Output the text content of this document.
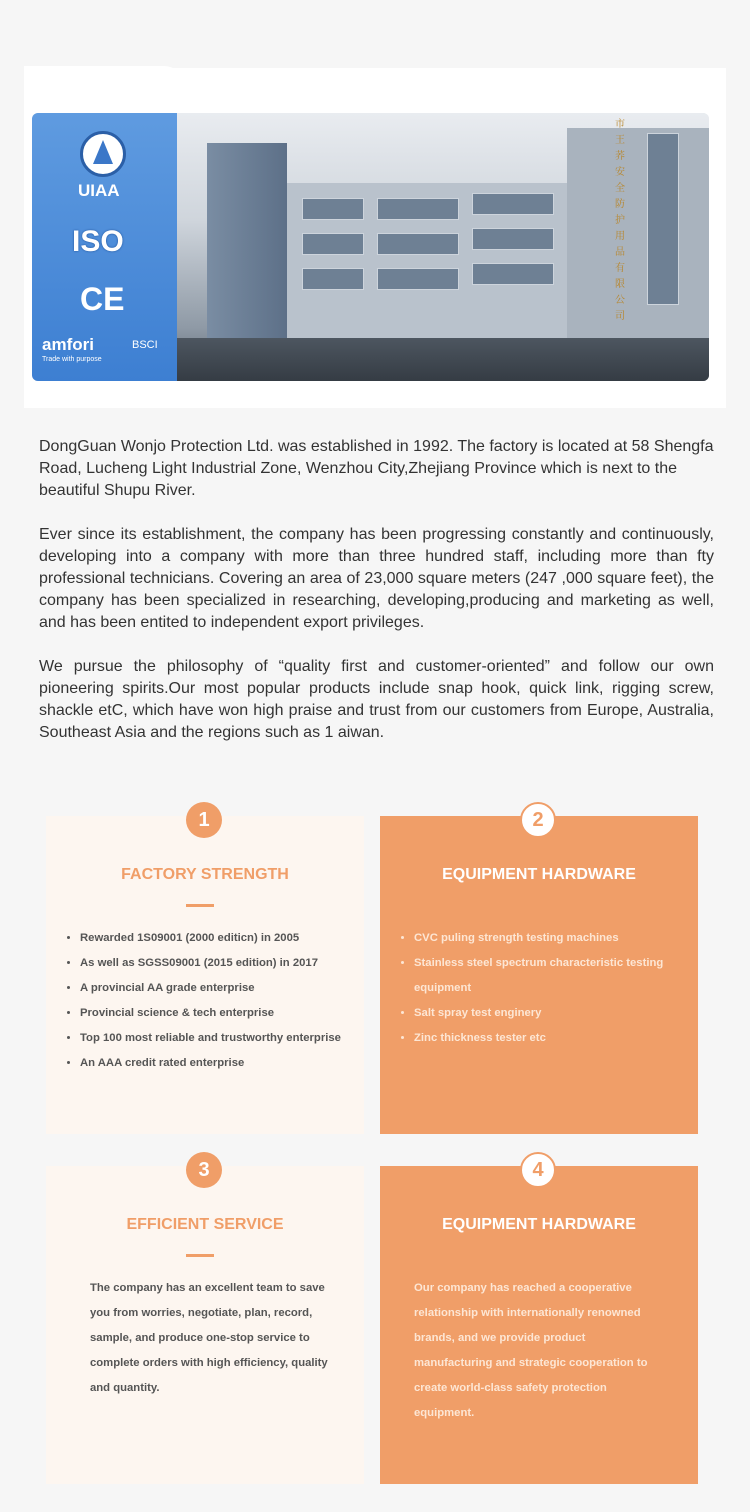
UIAA
ISO
CE
amfori	BSCI
Trade with purpose
市王荞安全防护用品有限公司

DongGuan Wonjo Protection Ltd. was established in 1992. The factory is located at 58 Shengfa Road, Lucheng Light Industrial Zone, Wenzhou City,Zhejiang Province which is next to the beautiful Shupu River.

Ever since its establishment, the company has been progressing constantly and continuously, developing into a company with more than three hundred staff, including more than fty professional technicians. Covering an area of 23,000 square meters (247 ,000 square feet), the company has been specialized in researching, developing,producing and marketing as well, and has been entited to independent export privileges.

We pursue the philosophy of “quality first and customer-oriented” and follow our own pioneering spirits.Our most popular products include snap hook, quick link, rigging screw, shackle etC, which have won high praise and trust from our customers from Europe, Australia, Southeast Asia and the regions such as 1 aiwan.

FACTORY STRENGTH
• Rewarded 1S09001 (2000 editicn) in 2005
• As well as SGSS09001 (2015 edition) in 2017
• A provincial AA grade enterprise
• Provincial science & tech enterprise
• Top 100 most reliable and trustworthy enterprise
• An AAA credit rated enterprise
1
EQUIPMENT HARDWARE
• CVC puling strength testing machines
• Stainless steel spectrum characteristic testing equipment
• Salt spray test enginery
• Zinc thickness tester etc
2
EFFICIENT SERVICE

The company has an excellent team to save you from worries, negotiate, plan, record, sample, and produce one-stop service to complete orders with high efficiency, quality and quantity.

3
EQUIPMENT HARDWARE

Our company has reached a cooperative relationship with internationally renowned brands, and we provide product manufacturing and strategic cooperation to create world-class safety protection equipment.

4
